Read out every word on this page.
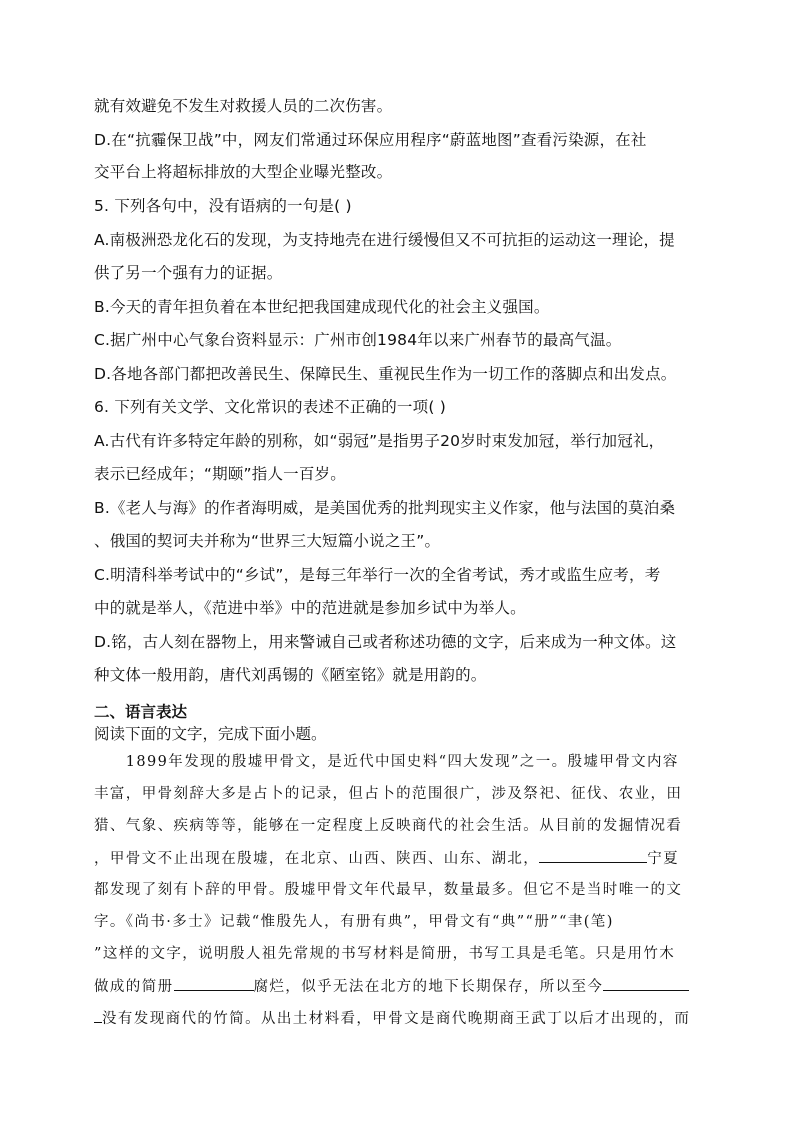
就有效避免不发生对救援人员的二次伤害。
D.在“抗霾保卫战”中，网友们常通过环保应用程序“蔚蓝地图”查看污染源，在社
交平台上将超标排放的大型企业曝光整改。
5. 下列各句中，没有语病的一句是( )
A.南极洲恐龙化石的发现，为支持地壳在进行缓慢但又不可抗拒的运动这一理论，提
供了另一个强有力的证据。
B.今天的青年担负着在本世纪把我国建成现代化的社会主义强国。
C.据广州中心气象台资料显示：广州市创1984年以来广州春节的最高气温。
D.各地各部门都把改善民生、保障民生、重视民生作为一切工作的落脚点和出发点。
6. 下列有关文学、文化常识的表述不正确的一项( )
A.古代有许多特定年龄的别称，如“弱冠”是指男子20岁时束发加冠，举行加冠礼，
表示已经成年；“期颐”指人一百岁。
B.《老人与海》的作者海明威，是美国优秀的批判现实主义作家，他与法国的莫泊桑
、俄国的契诃夫并称为“世界三大短篇小说之王”。
C.明清科举考试中的“乡试”，是每三年举行一次的全省考试，秀才或监生应考，考
中的就是举人，《范进中举》中的范进就是参加乡试中为举人。
D.铭，古人刻在器物上，用来警诫自己或者称述功德的文字，后来成为一种文体。这
种文体一般用韵，唐代刘禹锡的《陋室铭》就是用韵的。
二、语言表达
阅读下面的文字，完成下面小题。
　　1899年发现的殷墟甲骨文，是近代中国史料“四大发现”之一。殷墟甲骨文内容
丰富，甲骨刻辞大多是占卜的记录，但占卜的范围很广，涉及祭祀、征伐、农业，田
猎、气象、疾病等等，能够在一定程度上反映商代的社会生活。从目前的发掘情况看
，甲骨文不止出现在殷墟，在北京、山西、陕西、山东、湖北，	宁夏
都发现了刻有卜辞的甲骨。殷墟甲骨文年代最早，数量最多。但它不是当时唯一的文
字。《尚书·多士》记载“惟殷先人，有册有典”，甲骨文有“典”“册”“聿(笔)
”这样的文字，说明殷人祖先常规的书写材料是简册，书写工具是毛笔。只是用竹木
做成的简册	腐烂，似乎无法在北方的地下长期保存，所以至今
没有发现商代的竹简。从出土材料看，甲骨文是商代晚期商王武丁以后才出现的，而
